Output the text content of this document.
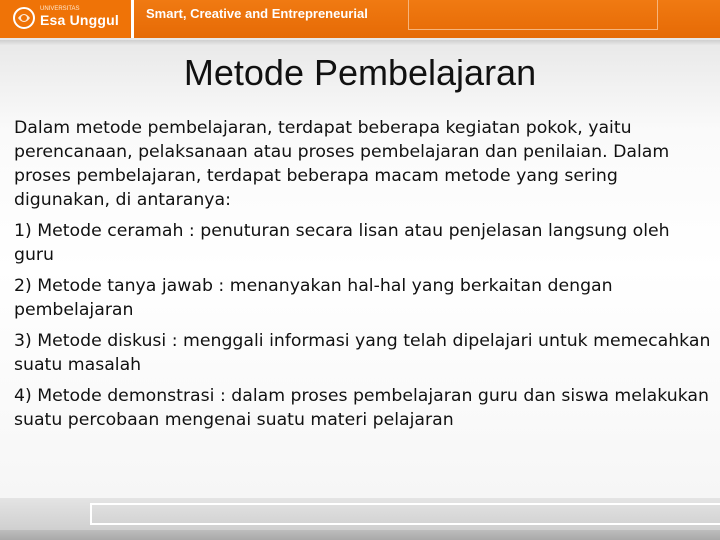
UNIVERSITAS
Esa Unggul Smart, Creative and Entrepreneurial
Metode Pembelajaran

Dalam metode pembelajaran, terdapat beberapa kegiatan pokok, yaitu perencanaan, pelaksanaan atau proses pembelajaran dan penilaian. Dalam proses pembelajaran, terdapat beberapa macam metode yang sering digunakan, di antaranya:

1) Metode ceramah : penuturan secara lisan atau penjelasan langsung oleh guru

2) Metode tanya jawab : menanyakan hal-hal yang berkaitan dengan pembelajaran

3) Metode diskusi : menggali informasi yang telah dipelajari untuk memecahkan suatu masalah

4) Metode demonstrasi : dalam proses pembelajaran guru dan siswa melakukan suatu percobaan mengenai suatu materi pelajaran
